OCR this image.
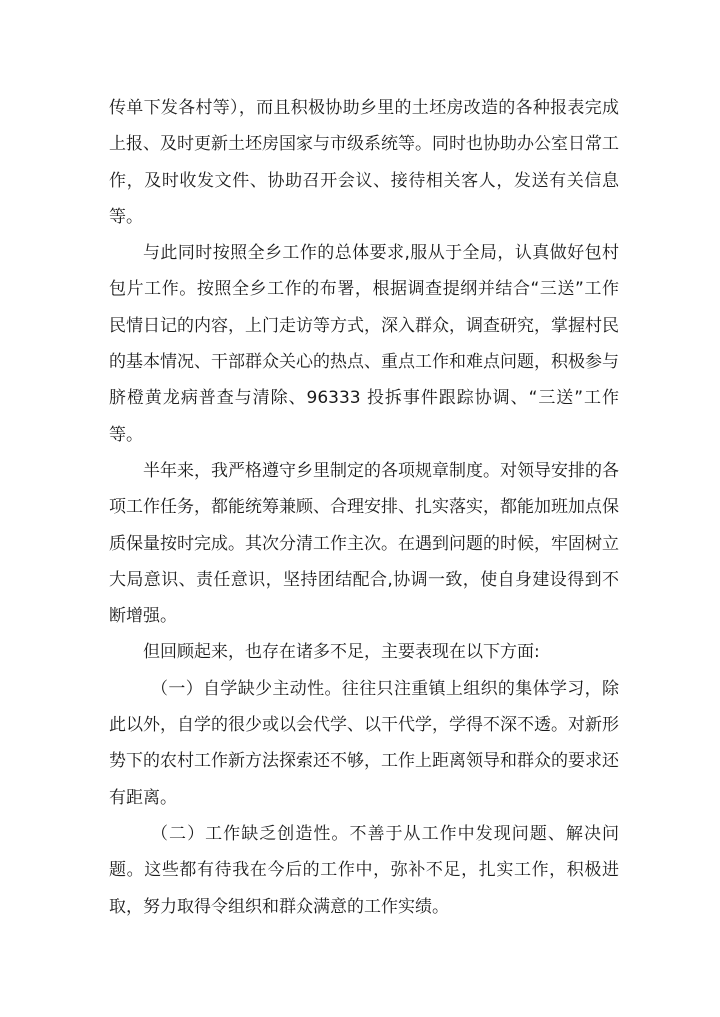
传单下发各村等），而且积极协助乡里的土坯房改造的各种报表完成上报、及时更新土坯房国家与市级系统等。同时也协助办公室日常工作，及时收发文件、协助召开会议、接待相关客人，发送有关信息等。

与此同时按照全乡工作的总体要求,服从于全局，认真做好包村包片工作。按照全乡工作的布署，根据调查提纲并结合“三送”工作民情日记的内容，上门走访等方式，深入群众，调查研究，掌握村民的基本情况、干部群众关心的热点、重点工作和难点问题，积极参与脐橙黄龙病普查与清除、96333 投拆事件跟踪协调、“三送”工作等。

半年来，我严格遵守乡里制定的各项规章制度。对领导安排的各项工作任务，都能统筹兼顾、合理安排、扎实落实，都能加班加点保质保量按时完成。其次分清工作主次。在遇到问题的时候，牢固树立大局意识、责任意识，坚持团结配合,协调一致，使自身建设得到不断增强。

但回顾起来，也存在诸多不足，主要表现在以下方面:

（一）自学缺少主动性。往往只注重镇上组织的集体学习，除此以外，自学的很少或以会代学、以干代学，学得不深不透。对新形势下的农村工作新方法探索还不够，工作上距离领导和群众的要求还有距离。

（二）工作缺乏创造性。不善于从工作中发现问题、解决问题。这些都有待我在今后的工作中，弥补不足，扎实工作，积极进取，努力取得令组织和群众满意的工作实绩。
